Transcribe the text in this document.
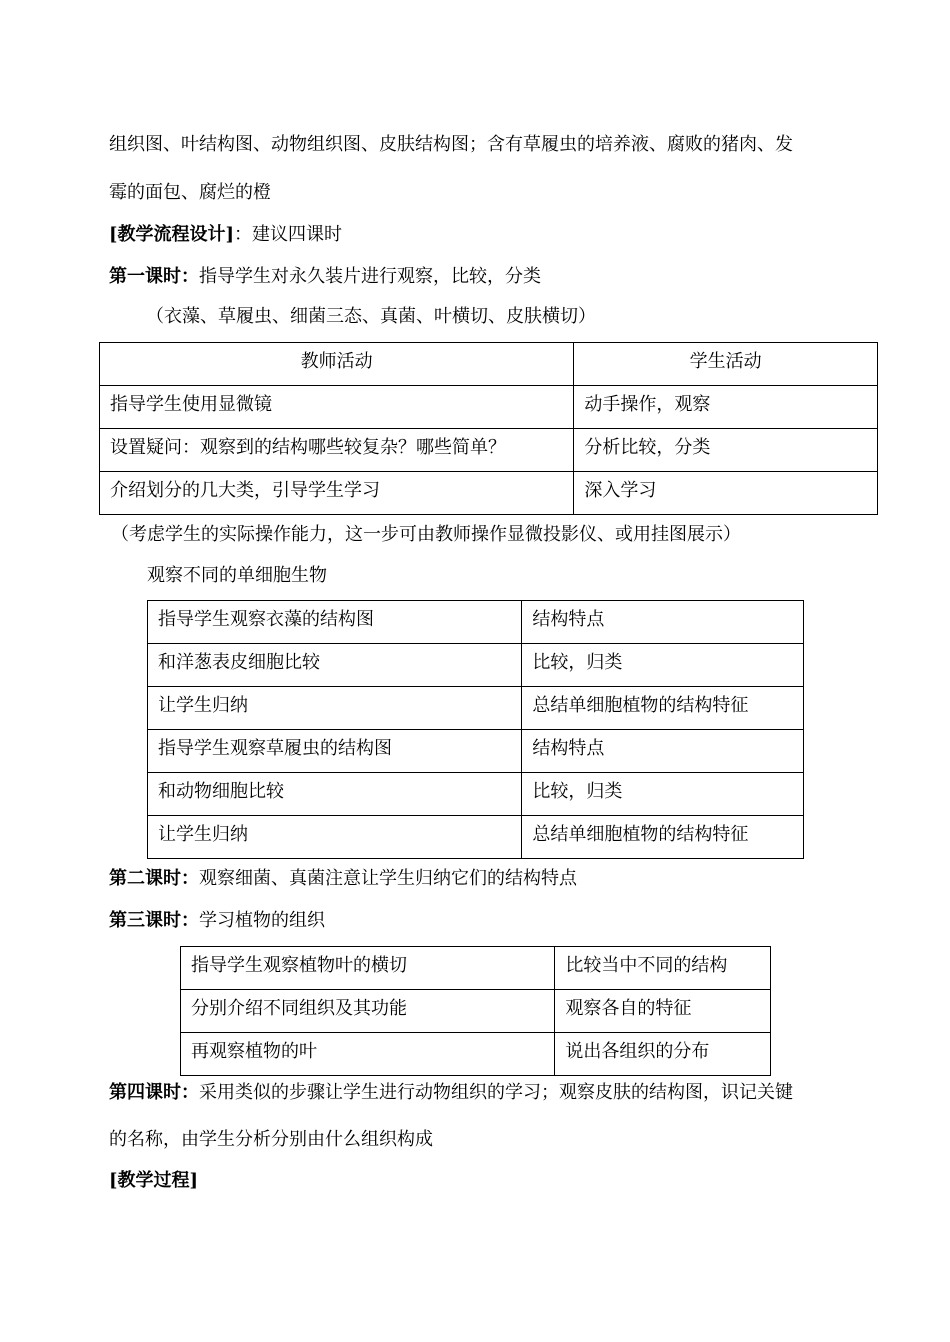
组织图、叶结构图、动物组织图、皮肤结构图；含有草履虫的培养液、腐败的猪肉、发
霉的面包、腐烂的橙
[教学流程设计]：建议四课时
第一课时：指导学生对永久装片进行观察，比较，分类
（衣藻、草履虫、细菌三态、真菌、叶横切、皮肤横切）
教师活动	学生活动
指导学生使用显微镜	动手操作，观察
设置疑问：观察到的结构哪些较复杂？哪些简单？	分析比较，分类
介绍划分的几大类，引导学生学习	深入学习
（考虑学生的实际操作能力，这一步可由教师操作显微投影仪、或用挂图展示）
观察不同的单细胞生物
指导学生观察衣藻的结构图	结构特点
和洋葱表皮细胞比较	比较，归类
让学生归纳	总结单细胞植物的结构特征
指导学生观察草履虫的结构图	结构特点
和动物细胞比较	比较，归类
让学生归纳	总结单细胞植物的结构特征
第二课时：观察细菌、真菌注意让学生归纳它们的结构特点
第三课时：学习植物的组织
指导学生观察植物叶的横切	比较当中不同的结构
分别介绍不同组织及其功能	观察各自的特征
再观察植物的叶	说出各组织的分布
第四课时：采用类似的步骤让学生进行动物组织的学习；观察皮肤的结构图，识记关键
的名称，由学生分析分别由什么组织构成
[教学过程]
